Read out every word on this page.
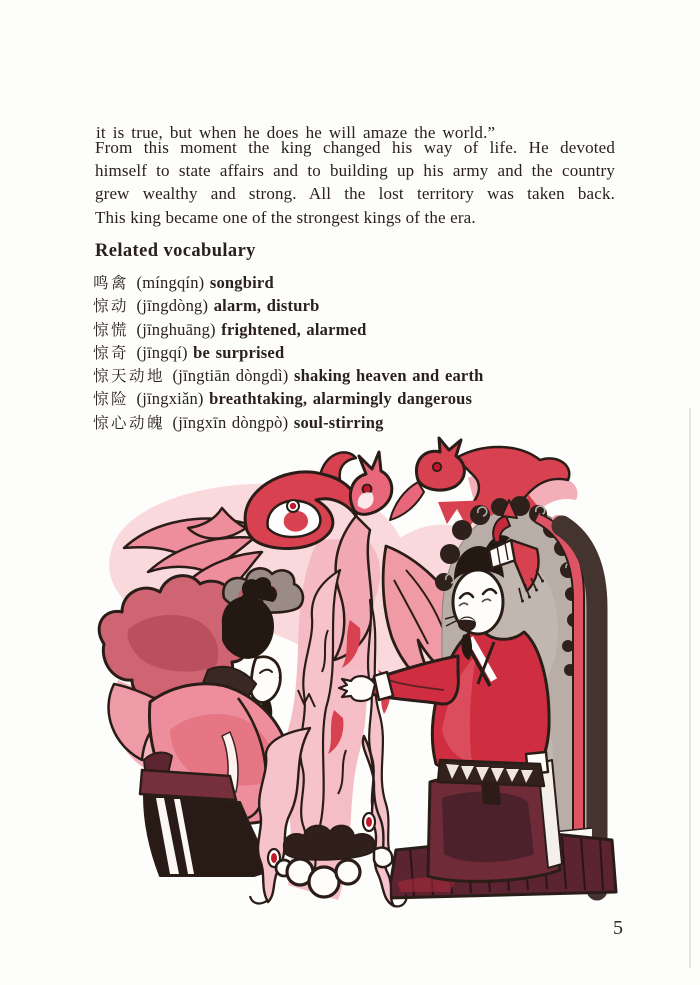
it is true, but when he does he will amaze the world.”

From this moment the king changed his way of life. He devoted
himself to state affairs and to building up his army and the country
grew wealthy and strong. All the lost territory was taken back.
This king became one of the strongest kings of the era.
Related vocabulary
鸣禽 (míngqín) songbird
惊动 (jīngdòng) alarm, disturb
惊慌 (jīnghuāng) frightened, alarmed
惊奇 (jīngqí) be surprised
惊天动地 (jīngtiān dòngdì) shaking heaven and earth
惊险 (jīngxiǎn) breathtaking, alarmingly dangerous
惊心动魄 (jīngxīn dòngpò) soul-stirring
5
